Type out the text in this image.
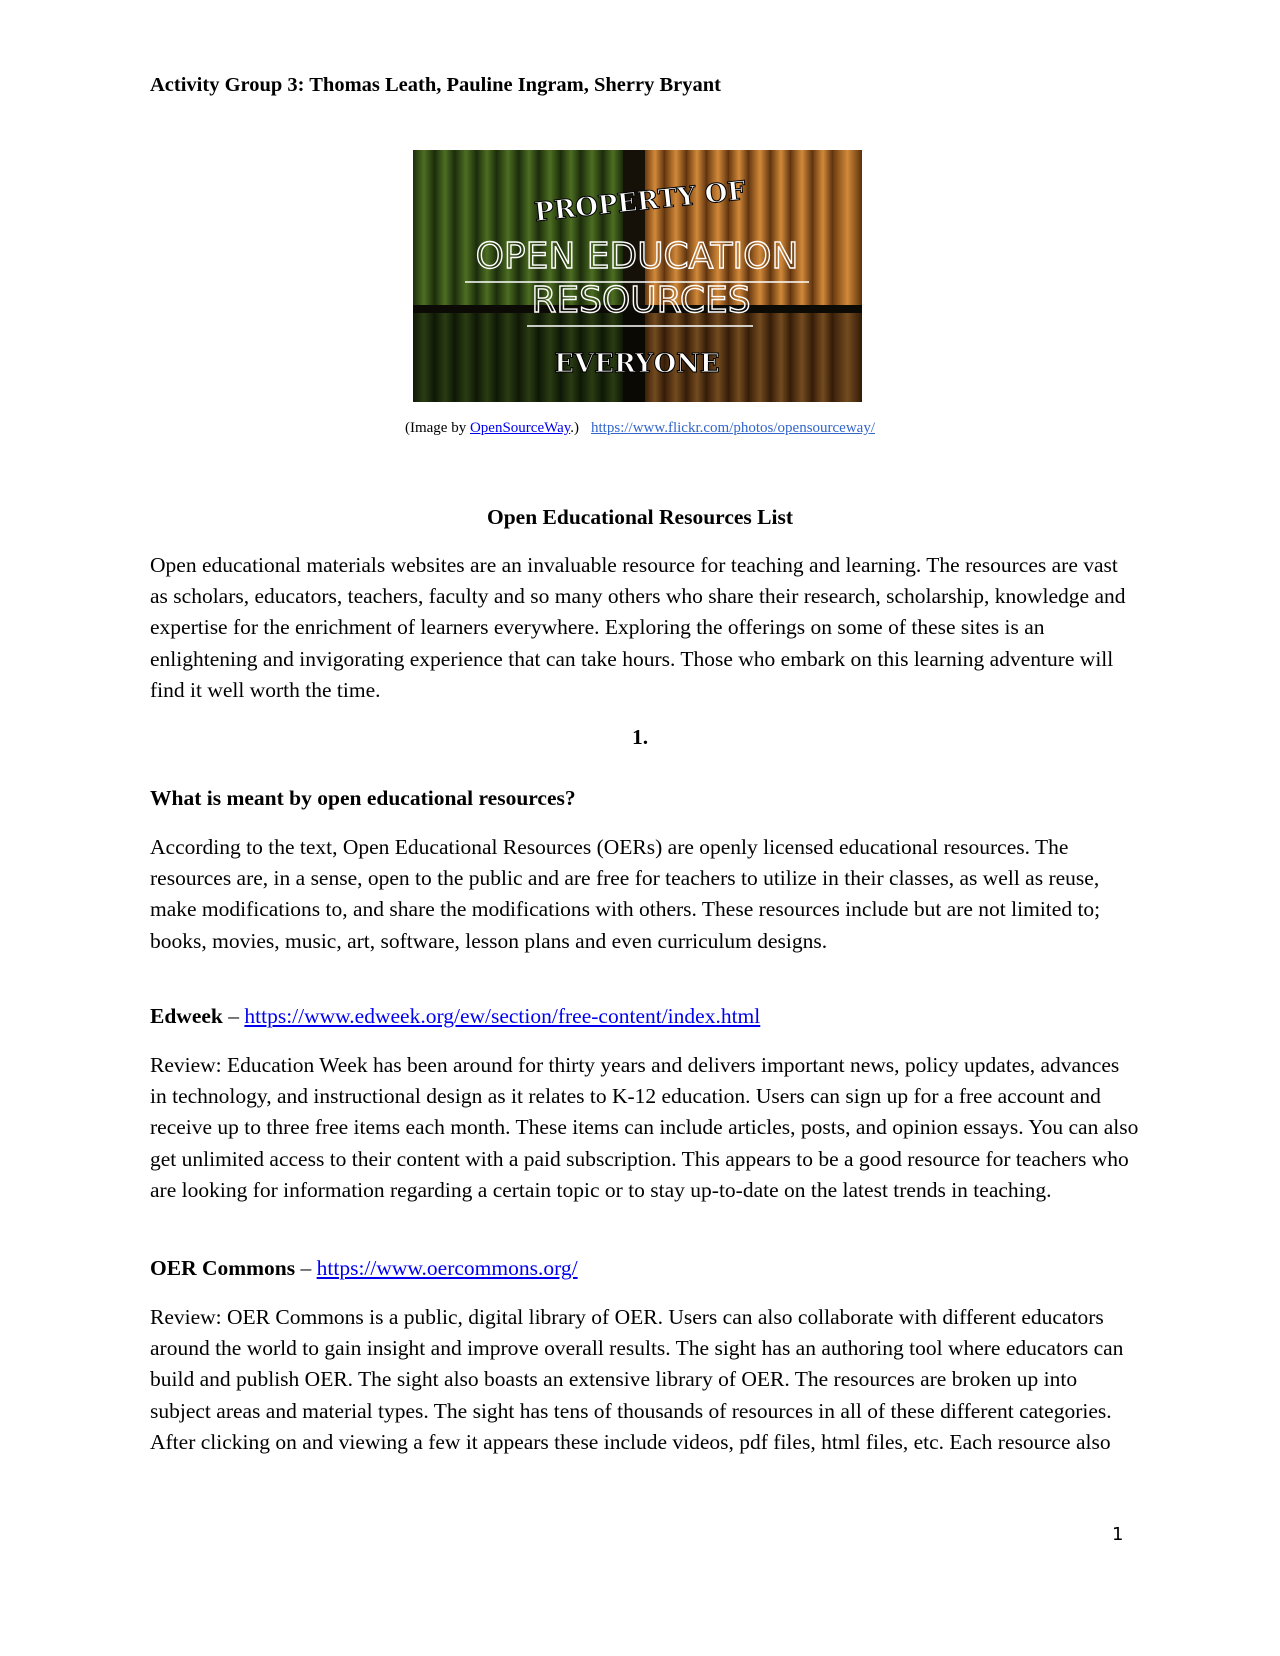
Activity Group 3: Thomas Leath, Pauline Ingram, Sherry Bryant
PROPERTY OF
OPEN EDUCATION
RESOURCES
EVERYONE
(Image by OpenSourceWay.) https://www.flickr.com/photos/opensourceway/
Open Educational Resources List
Open educational materials websites are an invaluable resource for teaching and learning. The resources are vast as scholars, educators, teachers, faculty and so many others who share their research, scholarship, knowledge and expertise for the enrichment of learners everywhere. Exploring the offerings on some of these sites is an enlightening and invigorating experience that can take hours. Those who embark on this learning adventure will find it well worth the time.
1.
What is meant by open educational resources?
According to the text, Open Educational Resources (OERs) are openly licensed educational resources. The resources are, in a sense, open to the public and are free for teachers to utilize in their classes, as well as reuse, make modifications to, and share the modifications with others. These resources include but are not limited to; books, movies, music, art, software, lesson plans and even curriculum designs.
Edweek – https://www.edweek.org/ew/section/free-content/index.html
Review: Education Week has been around for thirty years and delivers important news, policy updates, advances in technology, and instructional design as it relates to K-12 education. Users can sign up for a free account and receive up to three free items each month. These items can include articles, posts, and opinion essays. You can also get unlimited access to their content with a paid subscription. This appears to be a good resource for teachers who are looking for information regarding a certain topic or to stay up-to-date on the latest trends in teaching.
OER Commons – https://www.oercommons.org/
Review: OER Commons is a public, digital library of OER. Users can also collaborate with different educators around the world to gain insight and improve overall results. The sight has an authoring tool where educators can build and publish OER. The sight also boasts an extensive library of OER. The resources are broken up into subject areas and material types. The sight has tens of thousands of resources in all of these different categories. After clicking on and viewing a few it appears these include videos, pdf files, html files, etc. Each resource also
1
